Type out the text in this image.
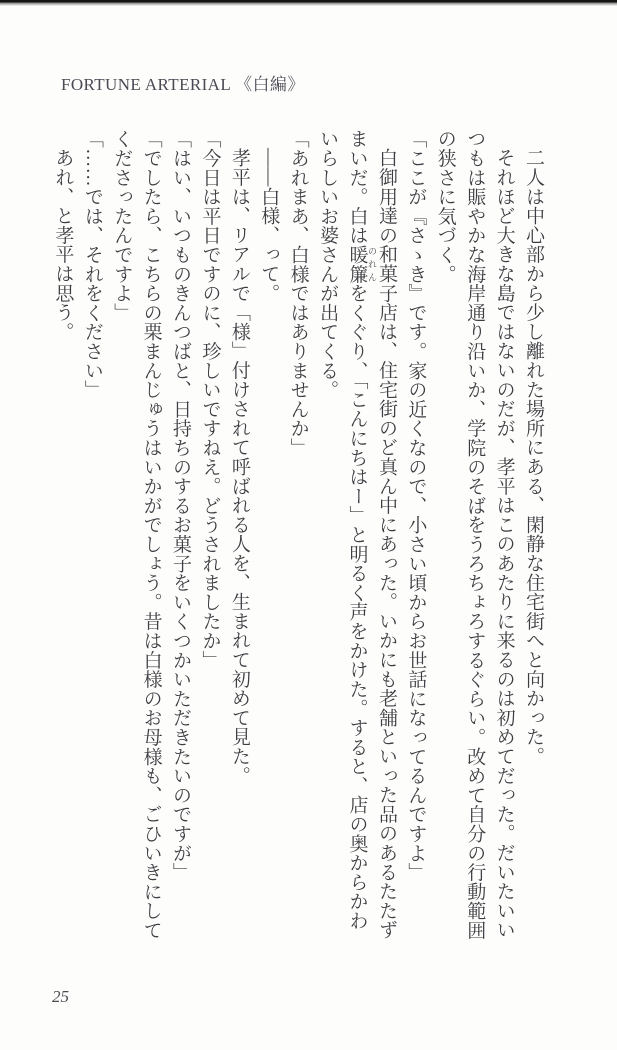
FORTUNE ARTERIAL 《白編》

二人は中心部から少し離れた場所にある、閑静な住宅街へと向かった。

それほど大きな島ではないのだが、孝平はこのあたりに来るのは初めてだった。だいたいいつもは賑やかな海岸通り沿いか、学院のそばをうろちょろするぐらい。改めて自分の行動範囲の狭さに気づく。

「ここが『さゝき』です。家の近くなので、小さい頃からお世話になってるんですよ」

白御用達の和菓子店は、住宅街のど真ん中にあった。いかにも老舗といった品のあるたたずまいだ。白は暖簾 のれんをくぐり、「こんにちはー」と明るく声をかけた。すると、店の奥からかわいらしいお婆さんが出てくる。

「あれまあ、白様ではありませんか」

――白様、って。

孝平は、リアルで「様」付けされて呼ばれる人を、生まれて初めて見た。

「今日は平日ですのに、珍しいですねえ。どうされましたか」

「はい、いつものきんつばと、日持ちのするお菓子をいくつかいただきたいのですが」

「でしたら、こちらの栗まんじゅうはいかがでしょう。昔は白様のお母様も、ごひいきにしてくださったんですよ」

「……では、それをください」

あれ、と孝平は思う。

25
